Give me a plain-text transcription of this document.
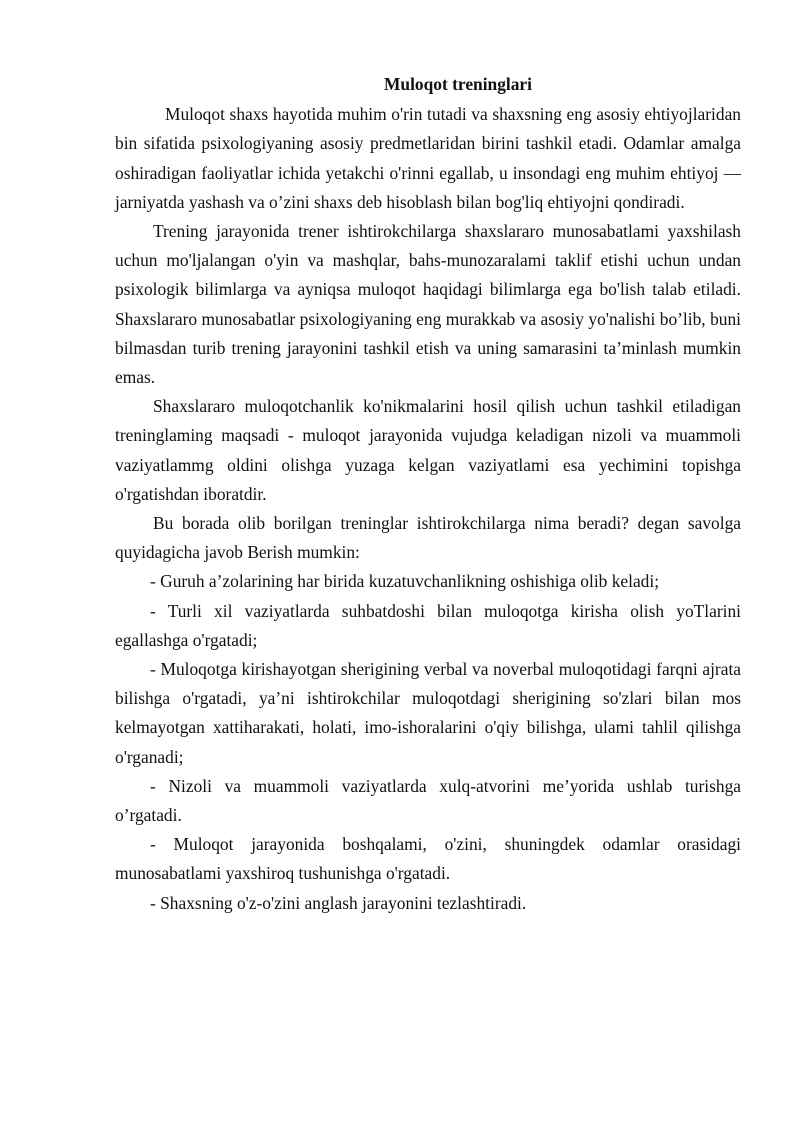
Muloqot treninglari

Muloqot shaxs hayotida muhim o'rin tutadi va shaxsning eng asosiy ehtiyojlaridan bin sifatida psixologiyaning asosiy predmetlaridan birini tashkil etadi. Odamlar amalga oshiradigan faoliyatlar ichida yetakchi o'rinni egallab, u insondagi eng muhim ehtiyoj — jarniyatda yashash va o’zini shaxs deb hisoblash bilan bog'liq ehtiyojni qondiradi.

Trening jarayonida trener ishtirokchilarga shaxslararo munosabatlami yaxshilash uchun mo'ljalangan o'yin va mashqlar, bahs-munozaralami taklif etishi uchun undan psixologik bilimlarga va ayniqsa muloqot haqidagi bilimlarga ega bo'lish talab etiladi. Shaxslararo munosabatlar psixologiyaning eng murakkab va asosiy yo'nalishi bo’lib, buni bilmasdan turib trening jarayonini tashkil etish va uning samarasini ta’minlash mumkin emas.

Shaxslararo muloqotchanlik ko'nikmalarini hosil qilish uchun tashkil etiladigan treninglaming maqsadi - muloqot jarayonida vujudga keladigan nizoli va muammoli vaziyatlammg oldini olishga yuzaga kelgan vaziyatlami esa yechimini topishga o'rgatishdan iboratdir.

Bu borada olib borilgan treninglar ishtirokchilarga nima beradi? degan savolga quyidagicha javob Berish mumkin:

- Guruh a’zolarining har birida kuzatuvchanlikning oshishiga olib keladi;

- Turli xil vaziyatlarda suhbatdoshi bilan muloqotga kirisha olish yoTlarini egallashga o'rgatadi;

- Muloqotga kirishayotgan sherigining verbal va noverbal muloqotidagi farqni ajrata bilishga o'rgatadi, ya’ni ishtirokchilar muloqotdagi sherigining so'zlari bilan mos kelmayotgan xattiharakati, holati, imo-ishoralarini o'qiy bilishga, ulami tahlil qilishga o'rganadi;

- Nizoli va muammoli vaziyatlarda xulq-atvorini me’yorida ushlab turishga o’rgatadi.

- Muloqot jarayonida boshqalami, o'zini, shuningdek odamlar orasidagi munosabatlami yaxshiroq tushunishga o'rgatadi.

- Shaxsning o'z-o'zini anglash jarayonini tezlashtiradi.
